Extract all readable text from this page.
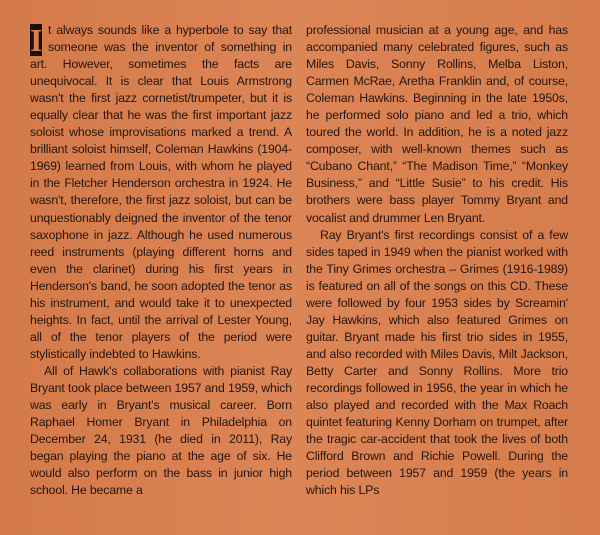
I t always sounds like a hyperbole to say that someone was the inventor of something in art. However, sometimes the facts are unequivocal. It is clear that Louis Armstrong wasn't the first jazz cornetist/trumpeter, but it is equally clear that he was the first important jazz soloist whose improvisations marked a trend. A brilliant soloist himself, Coleman Hawkins (1904-1969) learned from Louis, with whom he played in the Fletcher Henderson orchestra in 1924. He wasn't, therefore, the first jazz soloist, but can be unquestionably deigned the inventor of the tenor saxophone in jazz. Although he used numerous reed instruments (playing different horns and even the clarinet) during his first years in Henderson's band, he soon adopted the tenor as his instrument, and would take it to unexpected heights. In fact, until the arrival of Lester Young, all of the tenor players of the period were stylistically indebted to Hawkins.

All of Hawk's collaborations with pianist Ray Bryant took place between 1957 and 1959, which was early in Bryant's musical career. Born Raphael Homer Bryant in Philadelphia on December 24, 1931 (he died in 2011), Ray began playing the piano at the age of six. He would also perform on the bass in junior high school. He became a

professional musician at a young age, and has accompanied many celebrated figures, such as Miles Davis, Sonny Rollins, Melba Liston, Carmen McRae, Aretha Franklin and, of course, Coleman Hawkins. Beginning in the late 1950s, he performed solo piano and led a trio, which toured the world. In addition, he is a noted jazz composer, with well-known themes such as “Cubano Chant,” “The Madison Time,” “Monkey Business,” and “Little Susie” to his credit. His brothers were bass player Tommy Bryant and vocalist and drummer Len Bryant.

Ray Bryant's first recordings consist of a few sides taped in 1949 when the pianist worked with the Tiny Grimes orchestra – Grimes (1916-1989) is featured on all of the songs on this CD. These were followed by four 1953 sides by Screamin' Jay Hawkins, which also featured Grimes on guitar. Bryant made his first trio sides in 1955, and also recorded with Miles Davis, Milt Jackson, Betty Carter and Sonny Rollins. More trio recordings followed in 1956, the year in which he also played and recorded with the Max Roach quintet featuring Kenny Dorham on trumpet, after the tragic car-accident that took the lives of both Clifford Brown and Richie Powell. During the period between 1957 and 1959 (the years in which his LPs
